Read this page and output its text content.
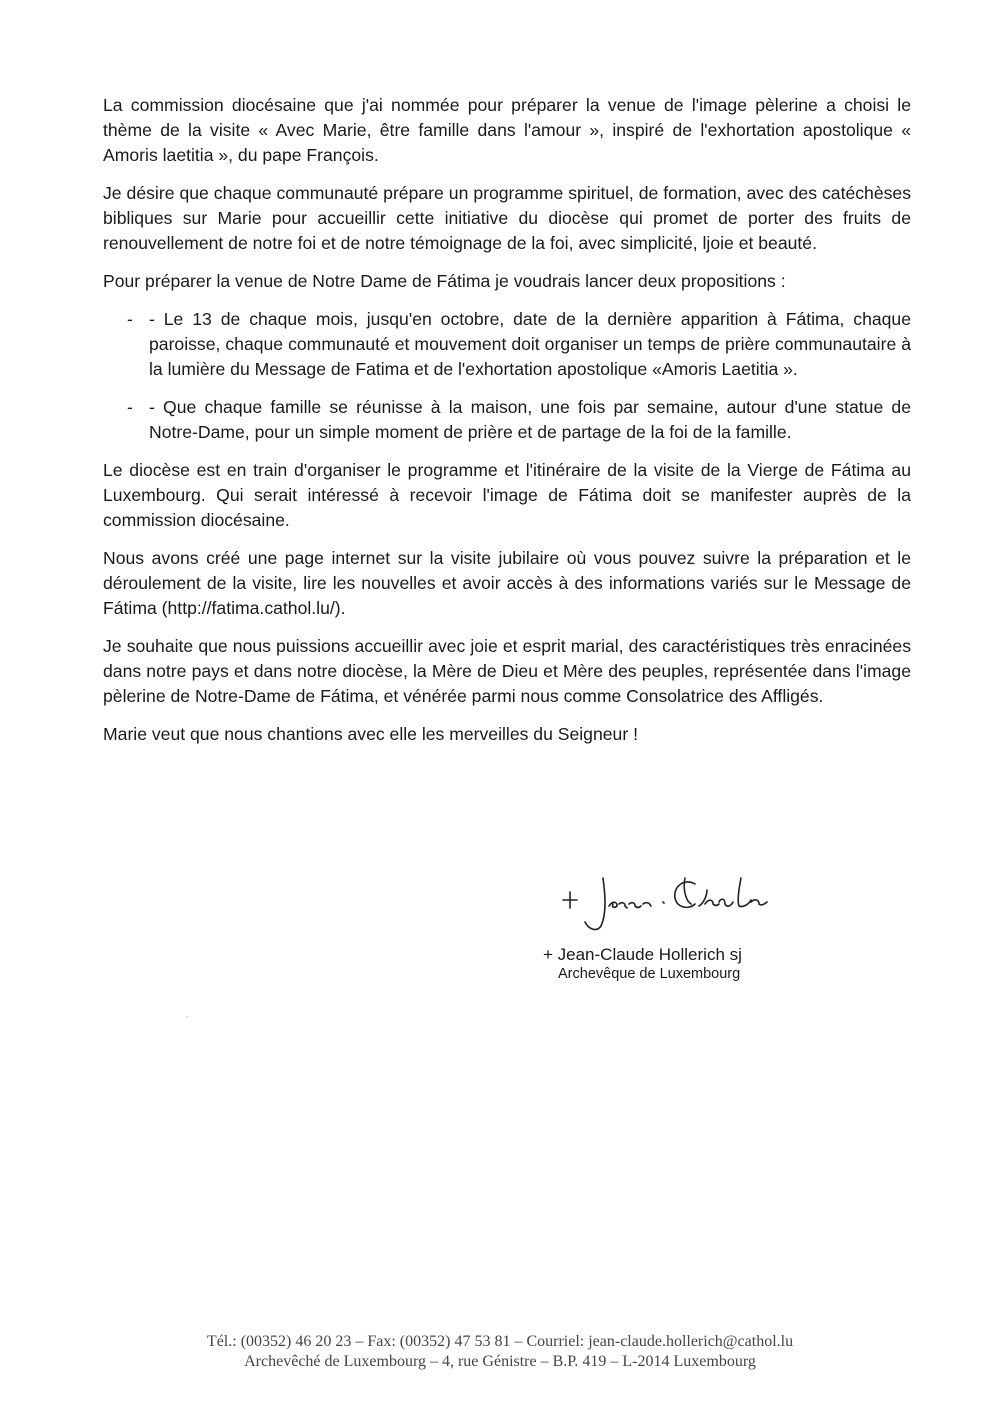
La commission diocésaine que j'ai nommée pour préparer la venue de l'image pèlerine a choisi le thème de la visite « Avec Marie, être famille dans l'amour », inspiré de l'exhortation apostolique « Amoris laetitia », du pape François.

Je désire que chaque communauté prépare un programme spirituel, de formation, avec des catéchèses bibliques sur Marie pour accueillir cette initiative du diocèse qui promet de porter des fruits de renouvellement de notre foi et de notre témoignage de la foi, avec simplicité, ljoie et beauté.

Pour préparer la venue de Notre Dame de Fátima je voudrais lancer deux propositions :

- - Le 13 de chaque mois, jusqu'en octobre, date de la dernière apparition à Fátima, chaque paroisse, chaque communauté et mouvement doit organiser un temps de prière communautaire à la lumière du Message de Fatima et de l'exhortation apostolique «Amoris Laetitia ».
- - Que chaque famille se réunisse à la maison, une fois par semaine, autour d'une statue de Notre-Dame, pour un simple moment de prière et de partage de la foi de la famille.

Le diocèse est en train d'organiser le programme et l'itinéraire de la visite de la Vierge de Fátima au Luxembourg. Qui serait intéressé à recevoir l'image de Fátima doit se manifester auprès de la commission diocésaine.

Nous avons créé une page internet sur la visite jubilaire où vous pouvez suivre la préparation et le déroulement de la visite, lire les nouvelles et avoir accès à des informations variés sur le Message de Fátima (http://fatima.cathol.lu/).

Je souhaite que nous puissions accueillir avec joie et esprit marial, des caractéristiques très enracinées dans notre pays et dans notre diocèse, la Mère de Dieu et Mère des peuples, représentée dans l'image pèlerine de Notre-Dame de Fátima, et vénérée parmi nous comme Consolatrice des Affligés.

Marie veut que nous chantions avec elle les merveilles du Seigneur !

+ Jean-Claude Hollerich sj
Archevêque de Luxembourg
Tél.: (00352) 46 20 23 – Fax: (00352) 47 53 81 – Courriel: jean-claude.hollerich@cathol.lu
Archevêché de Luxembourg – 4, rue Génistre – B.P. 419 – L-2014 Luxembourg
